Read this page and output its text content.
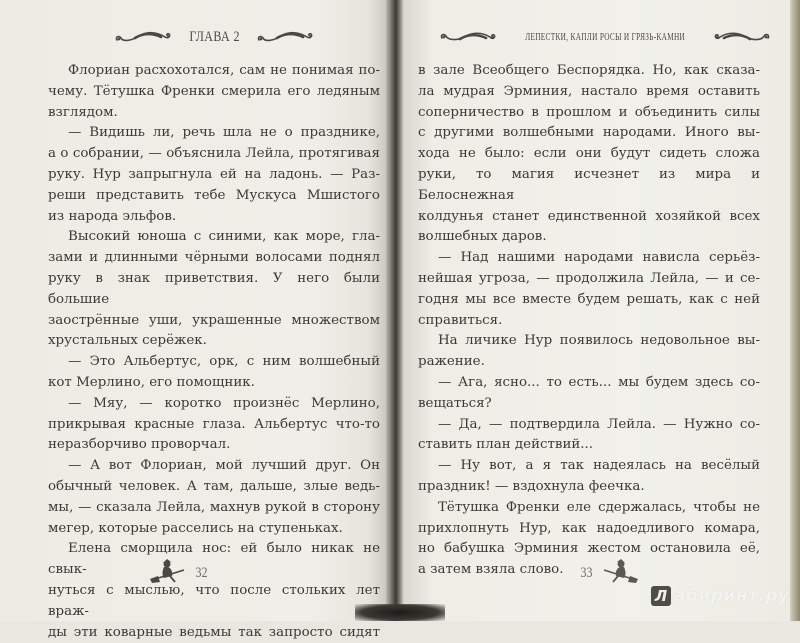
ГЛАВА 2	ЛЕПЕСТКИ, КАПЛИ РОСЫ И ГРЯЗЬ-КАМНИ

Флориан расхохотался, сам не понимая по-
чему. Тётушка Френки смерила его ледяным
взглядом.

— Видишь ли, речь шла не о празднике,
а о собрании, — объяснила Лейла, протягивая
руку. Нур запрыгнула ей на ладонь. — Раз-
реши представить тебе Мускуса Мшистого
из народа эльфов.

Высокий юноша с синими, как море, гла-
зами и длинными чёрными волосами поднял
руку в знак приветствия. У него были большие
заострённые уши, украшенные множеством
хрустальных серёжек.

— Это Альбертус, орк, с ним волшебный
кот Мерлино, его помощник.

— Мяу, — коротко произнёс Мерлино,
прикрывая красные глаза. Альбертус что-то
неразборчиво проворчал.

— А вот Флориан, мой лучший друг. Он
обычный человек. А там, дальше, злые ведь-
мы, — сказала Лейла, махнув рукой в сторону
мегер, которые расселись на ступеньках.

Елена сморщила нос: ей было никак не свык-
нуться с мыслью, что после стольких лет враж-
ды эти коварные ведьмы так запросто сидят

в зале Всеобщего Беспорядка. Но, как сказа-
ла мудрая Эрминия, настало время оставить
соперничество в прошлом и объединить силы
с другими волшебными народами. Иного вы-
хода не было: если они будут сидеть сложа
руки, то магия исчезнет из мира и Белоснежная
колдунья станет единственной хозяйкой всех
волшебных даров.

— Над нашими народами нависла серьёз-
нейшая угроза, — продолжила Лейла, — и се-
годня мы все вместе будем решать, как с ней
справиться.

На личике Нур появилось недовольное вы-
ражение.

— Ага, ясно... то есть... мы будем здесь со-
вещаться?

— Да, — подтвердила Лейла. — Нужно со-
ставить план действий...

— Ну вот, а я так надеялась на весёлый
праздник! — вздохнула феечка.

Тётушка Френки еле сдержалась, чтобы не
прихлопнуть Нур, как надоедливого комара,
но бабушка Эрминия жестом остановила её,
а затем взяла слово.

32	33
Л абиринт.ру
